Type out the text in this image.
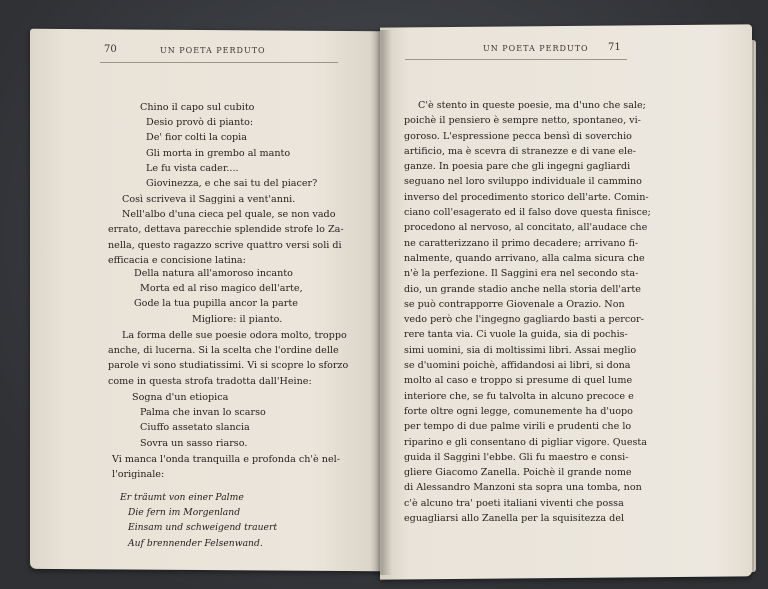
70	UN POETA PERDUTO	UN POETA PERDUTO 71
Chino il capo sul cubito
Desio provò di pianto:
De' fior colti la copia
Gli morta in grembo al manto
Le fu vista cader....
Giovinezza, e che sai tu del piacer?
Così scriveva il Saggini a vent'anni.
Nell'albo d'una cieca pel quale, se non vado
errato, dettava parecchie splendide strofe lo Za-
nella, questo ragazzo scrive quattro versi soli di
efficacia e concisione latina:
Della natura all'amoroso incanto
Morta ed al riso magico dell'arte,
Gode la tua pupilla ancor la parte
Migliore: il pianto.
La forma delle sue poesie odora molto, troppo
anche, di lucerna. Si la scelta che l'ordine delle
parole vi sono studiatissimi. Vi si scopre lo sforzo
come in questa strofa tradotta dall'Heine:
Sogna d'un etiopica
Palma che invan lo scarso
Ciuffo assetato slancia
Sovra un sasso riarso.
Vi manca l'onda tranquilla e profonda ch'è nel-
l'originale:
Er träumt von einer Palme
Die fern im Morgenland
Einsam und schweigend trauert
Auf brennender Felsenwand.
C'è stento in queste poesie, ma d'uno che sale;
poichè il pensiero è sempre netto, spontaneo, vi-
goroso. L'espressione pecca bensì di soverchio
artificio, ma è scevra di stranezze e di vane ele-
ganze. In poesia pare che gli ingegni gagliardi
seguano nel loro sviluppo individuale il cammino
inverso del procedimento storico dell'arte. Comin-
ciano coll'esagerato ed il falso dove questa finisce;
procedono al nervoso, al concitato, all'audace che
ne caratterizzano il primo decadere; arrivano fi-
nalmente, quando arrivano, alla calma sicura che
n'è la perfezione. Il Saggini era nel secondo sta-
dio, un grande stadio anche nella storia dell'arte
se può contrapporre Giovenale a Orazio. Non
vedo però che l'ingegno gagliardo basti a percor-
rere tanta via. Ci vuole la guida, sia di pochis-
simi uomini, sia di moltissimi libri. Assai meglio
se d'uomini poichè, affidandosi ai libri, si dona
molto al caso e troppo si presume di quel lume
interiore che, se fu talvolta in alcuno precoce e
forte oltre ogni legge, comunemente ha d'uopo
per tempo di due palme virili e prudenti che lo
riparino e gli consentano di pigliar vigore. Questa
guida il Saggini l'ebbe. Gli fu maestro e consi-
gliere Giacomo Zanella. Poichè il grande nome
di Alessandro Manzoni sta sopra una tomba, non
c'è alcuno tra' poeti italiani viventi che possa
eguagliarsi allo Zanella per la squisitezza del
